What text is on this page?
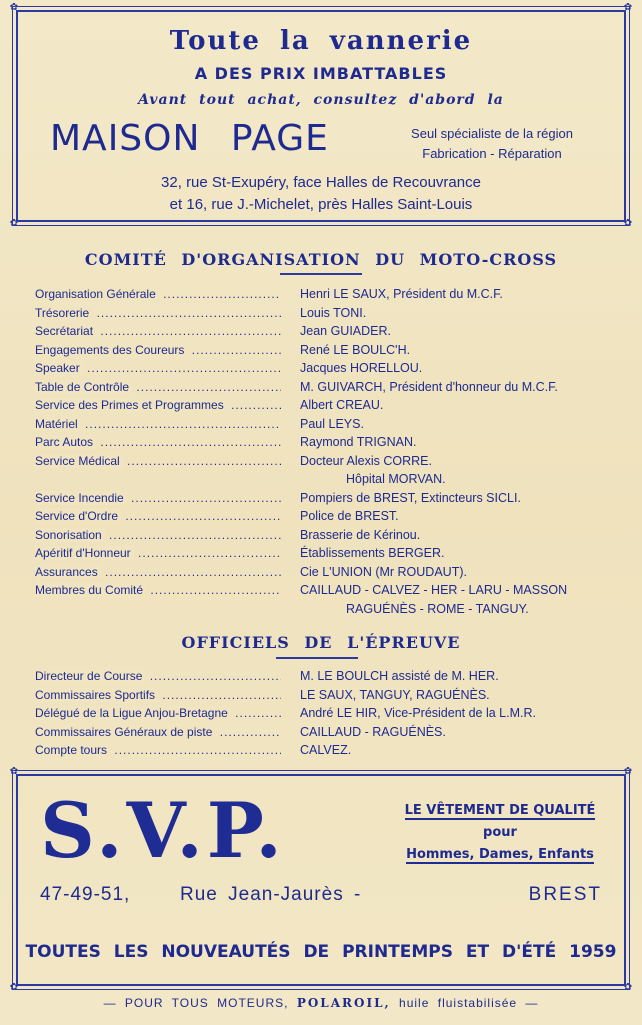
✿	✿
✿	✿
Toute la vannerie
A DES PRIX IMBATTABLES
Avant tout achat, consultez d'abord la
MAISON PAGE	Seul spécialiste de la région
Fabrication - Réparation
32, rue St-Exupéry, face Halles de Recouvrance
et 16, rue J.-Michelet, près Halles Saint-Louis
COMITÉ D'ORGANISATION DU MOTO-CROSS
Organisation Générale .....	Henri LE SAUX, Président du M.C.F.
Trésorerie .....	Louis TONI.
Secrétariat .....	Jean GUIADER.
Engagements des Coureurs .....	René LE BOULC'H.
Speaker .....	Jacques HORELLOU.
Table de Contrôle .....	M. GUIVARCH, Président d'honneur du M.C.F.
Service des Primes et Programmes .....	Albert CREAU.
Matériel .....	Paul LEYS.
Parc Autos .....	Raymond TRIGNAN.
Service Médical .....	Docteur Alexis CORRE.
Hôpital MORVAN.
Service Incendie .....	Pompiers de BREST, Extincteurs SICLI.
Service d'Ordre .....	Police de BREST.
Sonorisation .....	Brasserie de Kérinou.
Apéritif d'Honneur .....	Établissements BERGER.
Assurances .....	Cie L'UNION (Mr ROUDAUT).
Membres du Comité .....	CAILLAUD - CALVEZ - HER - LARU - MASSON
RAGUÉNÈS - ROME - TANGUY.
OFFICIELS DE L'ÉPREUVE
Directeur de Course .....	M. LE BOULCH assisté de M. HER.
Commissaires Sportifs .....	LE SAUX, TANGUY, RAGUÉNÈS.
Délégué de la Ligue Anjou-Bretagne .....	André LE HIR, Vice-Président de la L.M.R.
Commissaires Généraux de piste .....	CAILLAUD - RAGUÉNÈS.
Compte tours .....	CALVEZ.
✿	✿
✿	✿
S.V.P.	LE VÊTEMENT DE QUALITÉ
pour
Hommes, Dames, Enfants
47-49-51,	Rue Jean-Jaurès -	BREST
TOUTES LES NOUVEAUTÉS DE PRINTEMPS ET D'ÉTÉ 1959
— POUR TOUS MOTEURS, POLAROIL, huile fluistabilisée —
